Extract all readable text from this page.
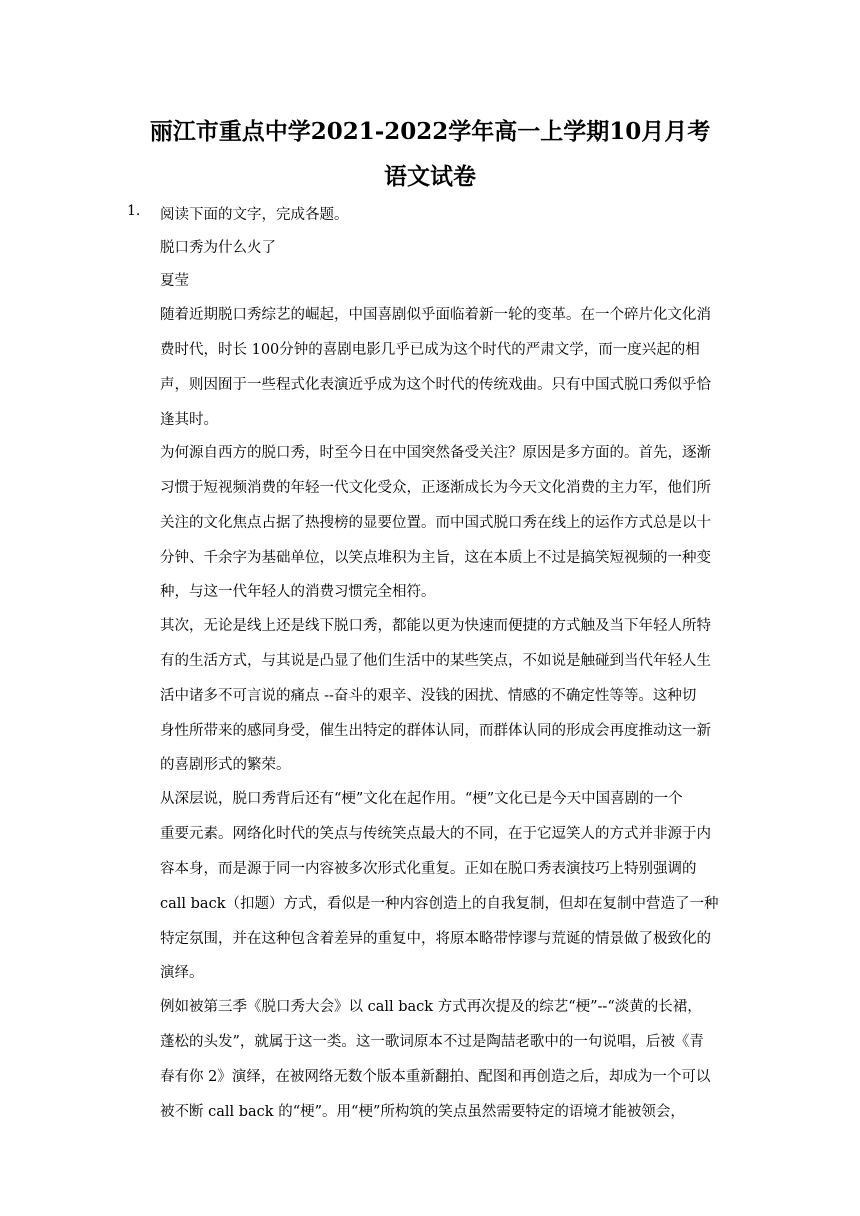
丽江市重点中学2021-2022学年高一上学期10月月考
语文试卷
1. 阅读下面的文字，完成各题。
脱口秀为什么火了
夏莹
随着近期脱口秀综艺的崛起，中国喜剧似乎面临着新一轮的变革。在一个碎片化文化消
费时代，时长 100分钟的喜剧电影几乎已成为这个时代的严肃文学，而一度兴起的相
声，则因囿于一些程式化表演近乎成为这个时代的传统戏曲。只有中国式脱口秀似乎恰
逢其时。
为何源自西方的脱口秀，时至今日在中国突然备受关注？原因是多方面的。首先，逐渐
习惯于短视频消费的年轻一代文化受众，正逐渐成长为今天文化消费的主力军，他们所
关注的文化焦点占据了热搜榜的显要位置。而中国式脱口秀在线上的运作方式总是以十
分钟、千余字为基础单位，以笑点堆积为主旨，这在本质上不过是搞笑短视频的一种变
种，与这一代年轻人的消费习惯完全相符。
其次，无论是线上还是线下脱口秀，都能以更为快速而便捷的方式触及当下年轻人所特
有的生活方式，与其说是凸显了他们生活中的某些笑点，不如说是触碰到当代年轻人生
活中诸多不可言说的痛点 --奋斗的艰辛、没钱的困扰、情感的不确定性等等。这种切
身性所带来的感同身受，催生出特定的群体认同，而群体认同的形成会再度推动这一新
的喜剧形式的繁荣。
从深层说，脱口秀背后还有“梗”文化在起作用。“梗”文化已是今天中国喜剧的一个
重要元素。网络化时代的笑点与传统笑点最大的不同，在于它逗笑人的方式并非源于内
容本身，而是源于同一内容被多次形式化重复。正如在脱口秀表演技巧上特别强调的
call back（扣题）方式，看似是一种内容创造上的自我复制，但却在复制中营造了一种
特定氛围，并在这种包含着差异的重复中，将原本略带悖谬与荒诞的情景做了极致化的
演绎。
例如被第三季《脱口秀大会》以 call back 方式再次提及的综艺“梗”--“淡黄的长裙，
蓬松的头发”，就属于这一类。这一歌词原本不过是陶喆老歌中的一句说唱，后被《青
春有你 2》演绎，在被网络无数个版本重新翻拍、配图和再创造之后，却成为一个可以
被不断 call back 的“梗”。用“梗”所构筑的笑点虽然需要特定的语境才能被领会，
